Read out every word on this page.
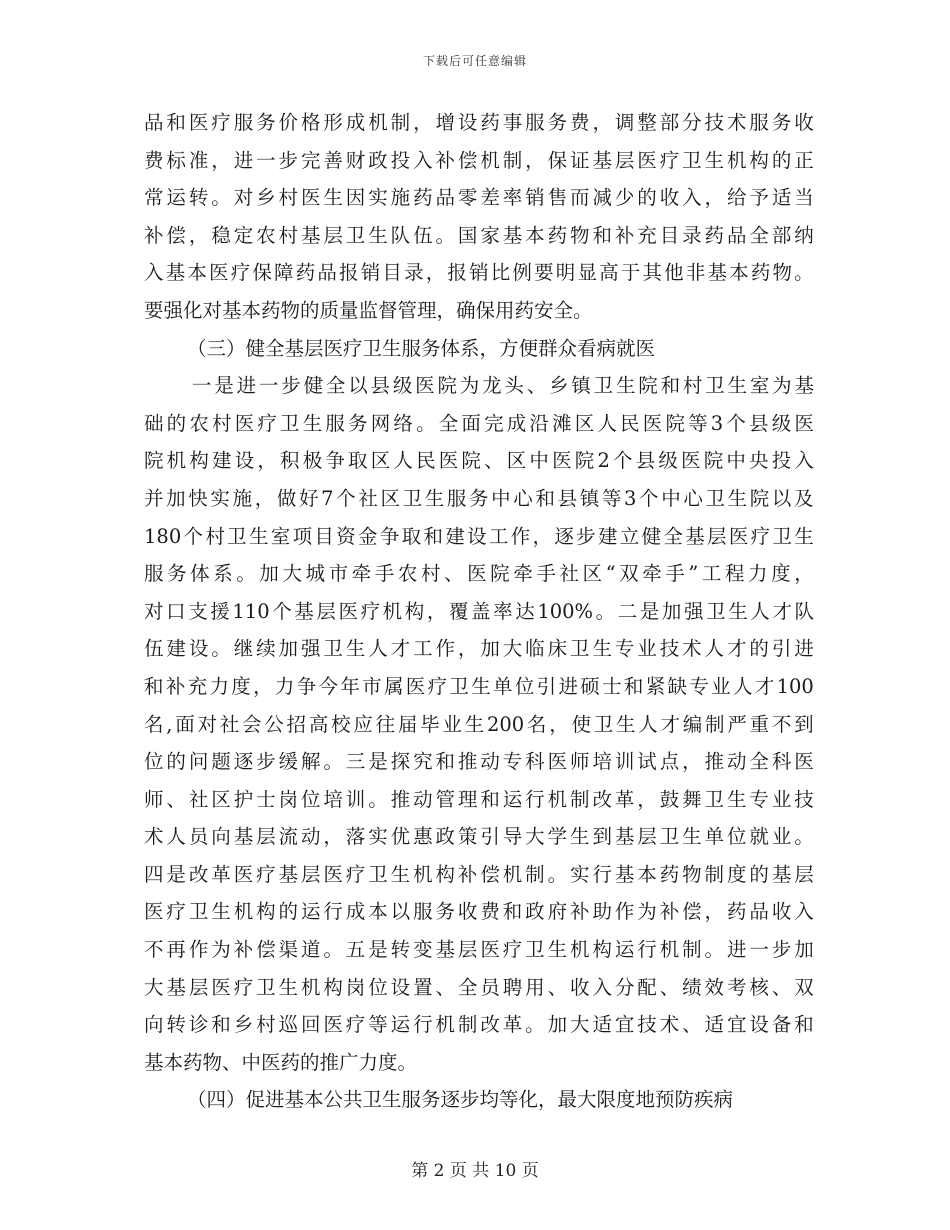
下载后可任意编辑
品 和 医 疗 服 务 价 格 形 成 机 制 ， 增 设 药 事 服 务 费 ， 调 整 部 分 技 术 服 务 收
费 标 准 ， 进 一 步 完 善 财 政 投 入 补 偿 机 制 ， 保 证 基 层 医 疗 卫 生 机 构 的 正
常 运 转 。 对 乡 村 医 生 因 实 施 药 品 零 差 率 销 售 而 减 少 的 收 入 ， 给 予 适 当
补 偿 ， 稳 定 农 村 基 层 卫 生 队 伍 。 国 家 基 本 药 物 和 补 充 目 录 药 品 全 部 纳
入 基 本 医 疗 保 障 药 品 报 销 目 录 ， 报 销 比 例 要 明 显 高 于 其 他 非 基 本 药 物 。
要强化对基本药物的质量监督管理，确保用药安全。
（三）健全基层医疗卫生服务体系，方便群众看病就医
一 是 进 一 步 健 全 以 县 级 医 院 为 龙 头 、 乡 镇 卫 生 院 和 村 卫 生 室 为 基
础 的 农 村 医 疗 卫 生 服 务 网 络 。 全 面 完 成 沿 滩 区 人 民 医 院 等 3 个 县 级 医
院 机 构 建 设 ， 积 极 争 取 区 人 民 医 院 、 区 中 医 院 2 个 县 级 医 院 中 央 投 入
并 加 快 实 施 ， 做 好 7 个 社 区 卫 生 服 务 中 心 和 县 镇 等 3 个 中 心 卫 生 院 以 及
180 个 村 卫 生 室 项 目 资 金 争 取 和 建 设 工 作 ， 逐 步 建 立 健 全 基 层 医 疗 卫 生
服 务 体 系 。 加 大 城 市 牵 手 农 村 、 医 院 牵 手 社 区 “ 双 牵 手 ” 工 程 力 度 ，
对 口 支 援 110 个 基 层 医 疗 机 构 ， 覆 盖 率 达 100% 。 二 是 加 强 卫 生 人 才 队
伍 建 设 。 继 续 加 强 卫 生 人 才 工 作 ， 加 大 临 床 卫 生 专 业 技 术 人 才 的 引 进
和 补 充 力 度 ， 力 争 今 年 市 属 医 疗 卫 生 单 位 引 进 硕 士 和 紧 缺 专 业 人 才 100
名 , 面 对 社 会 公 招 高 校 应 往 届 毕 业 生 200 名 ， 使 卫 生 人 才 编 制 严 重 不 到
位 的 问 题 逐 步 缓 解 。 三 是 探 究 和 推 动 专 科 医 师 培 训 试 点 ， 推 动 全 科 医
师 、 社 区 护 士 岗 位 培 训 。 推 动 管 理 和 运 行 机 制 改 革 ， 鼓 舞 卫 生 专 业 技
术 人 员 向 基 层 流 动 ， 落 实 优 惠 政 策 引 导 大 学 生 到 基 层 卫 生 单 位 就 业 。
四 是 改 革 医 疗 基 层 医 疗 卫 生 机 构 补 偿 机 制 。 实 行 基 本 药 物 制 度 的 基 层
医 疗 卫 生 机 构 的 运 行 成 本 以 服 务 收 费 和 政 府 补 助 作 为 补 偿 ， 药 品 收 入
不 再 作 为 补 偿 渠 道 。 五 是 转 变 基 层 医 疗 卫 生 机 构 运 行 机 制 。 进 一 步 加
大 基 层 医 疗 卫 生 机 构 岗 位 设 置 、 全 员 聘 用 、 收 入 分 配 、 绩 效 考 核 、 双
向 转 诊 和 乡 村 巡 回 医 疗 等 运 行 机 制 改 革 。 加 大 适 宜 技 术 、 适 宜 设 备 和
基本药物、中医药的推广力度。
（四）促进基本公共卫生服务逐步均等化，最大限度地预防疾病
第 2 页 共 10 页
